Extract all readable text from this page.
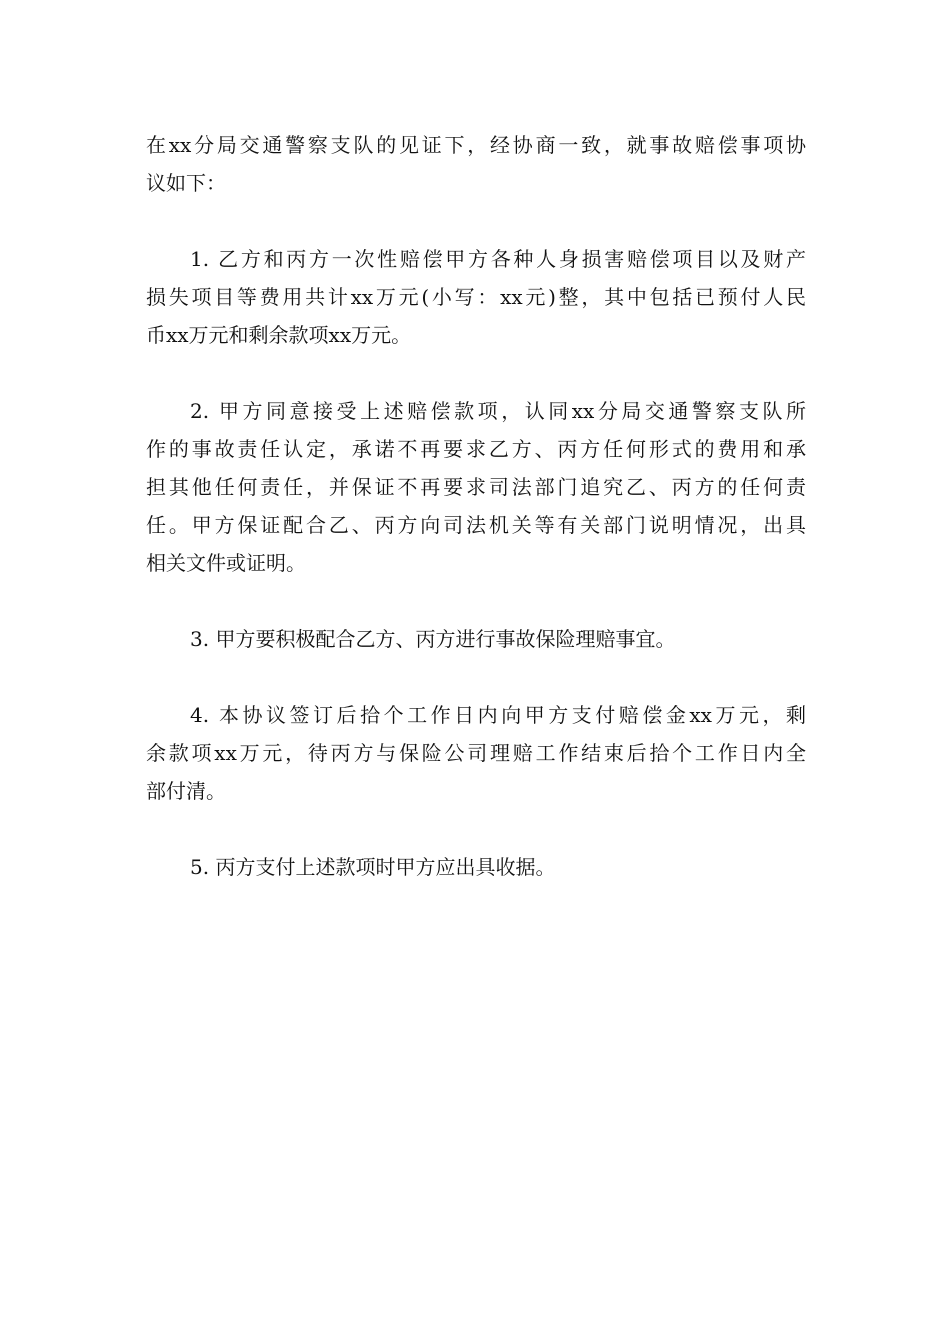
在xx分局交通警察支队的见证下，经协商一致，就事故赔偿事项协
议如下：
1. 乙方和丙方一次性赔偿甲方各种人身损害赔偿项目以及财产
损失项目等费用共计xx万元(小写：xx元)整，其中包括已预付人民
币xx万元和剩余款项xx万元。
2. 甲方同意接受上述赔偿款项，认同xx分局交通警察支队所
作的事故责任认定，承诺不再要求乙方、丙方任何形式的费用和承
担其他任何责任，并保证不再要求司法部门追究乙、丙方的任何责
任。甲方保证配合乙、丙方向司法机关等有关部门说明情况，出具
相关文件或证明。
3. 甲方要积极配合乙方、丙方进行事故保险理赔事宜。
4. 本协议签订后拾个工作日内向甲方支付赔偿金xx万元，剩
余款项xx万元，待丙方与保险公司理赔工作结束后拾个工作日内全
部付清。
5. 丙方支付上述款项时甲方应出具收据。
